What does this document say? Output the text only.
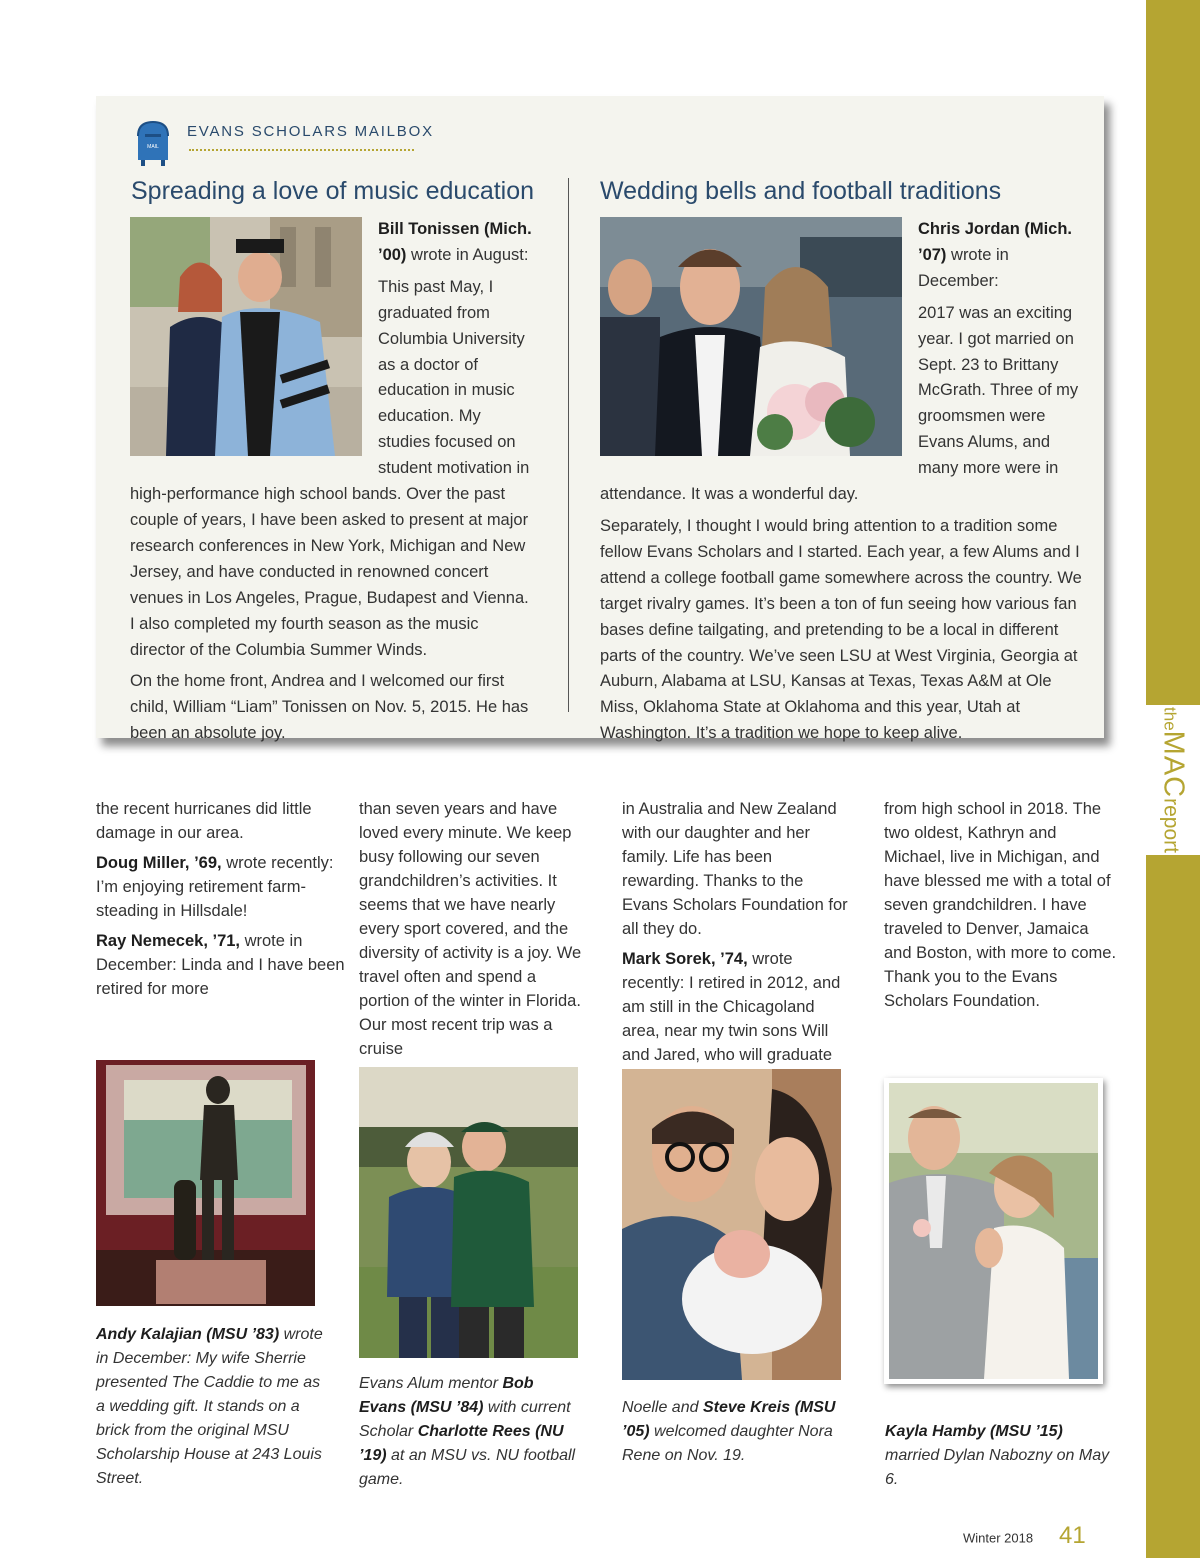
theMACreport
MAIL
EVANS SCHOLARS MAILBOX
Spreading a love of music education

Bill Tonissen (Mich. ’00) wrote in August:

This past May, I graduated from Columbia University as a doctor of education in music education. My studies focused on student motivation in high-performance high school bands. Over the past couple of years, I have been asked to present at major research conferences in New York, Michigan and New Jersey, and have conducted in renowned concert venues in Los Angeles, Prague, Budapest and Vienna. I also completed my fourth season as the music director of the Columbia Summer Winds.

On the home front, Andrea and I welcomed our first child, William “Liam” Tonissen on Nov. 5, 2015. He has been an absolute joy.

Wedding bells and football traditions

Chris Jordan (Mich. ’07) wrote in December:

2017 was an exciting year. I got married on Sept. 23 to Brittany McGrath. Three of my groomsmen were Evans Alums, and many more were in attendance. It was a wonderful day.

Separately, I thought I would bring attention to a tradition some fellow Evans Scholars and I started. Each year, a few Alums and I attend a college football game somewhere across the country. We target rivalry games. It’s been a ton of fun seeing how various fan bases define tailgating, and pretending to be a local in different parts of the country. We’ve seen LSU at West Virginia, Georgia at Auburn, Alabama at LSU, Kansas at Texas, Texas A&M at Ole Miss, Oklahoma State at Oklahoma and this year, Utah at Washington. It’s a tradition we hope to keep alive.

the recent hurricanes did little damage in our area.

Doug Miller, ’69, wrote recently: I’m enjoying retirement farm-steading in Hillsdale!

Ray Nemecek, ’71, wrote in December: Linda and I have been retired for more

than seven years and have loved every minute. We keep busy following our seven grandchildren’s activities. It seems that we have nearly every sport covered, and the diversity of activity is a joy. We travel often and spend a portion of the winter in Florida. Our most recent trip was a cruise

in Australia and New Zealand with our daughter and her family. Life has been rewarding. Thanks to the Evans Scholars Foundation for all they do.

Mark Sorek, ’74, wrote recently: I retired in 2012, and am still in the Chicagoland area, near my twin sons Will and Jared, who will graduate

from high school in 2018. The two oldest, Kathryn and Michael, live in Michigan, and have blessed me with a total of seven grandchildren. I have traveled to Denver, Jamaica and Boston, with more to come. Thank you to the Evans Scholars Foundation.

Andy Kalajian (MSU ’83) wrote in December: My wife Sherrie presented The Caddie to me as a wedding gift. It stands on a brick from the original MSU Scholarship House at 243 Louis Street.
Evans Alum mentor Bob Evans (MSU ’84) with current Scholar Charlotte Rees (NU ’19) at an MSU vs. NU football game.
Noelle and Steve Kreis (MSU ’05) welcomed daughter Nora Rene on Nov. 19.
Kayla Hamby (MSU ’15) married Dylan Nabozny on May 6.
Winter 2018 41
